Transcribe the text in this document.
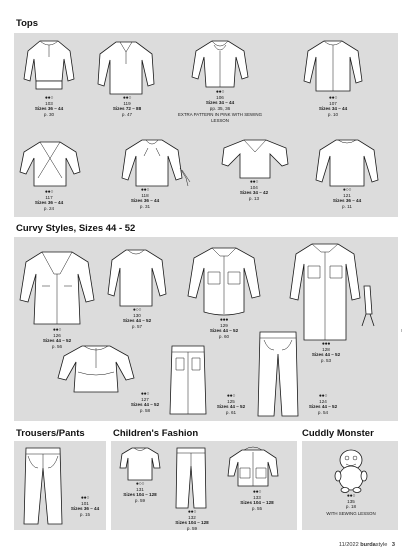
Tops
Curvy Styles, Sizes 44 - 52
Trousers/Pants	Children's Fashion	Cuddly Monster
●●○
103
Sizes 36 – 44
p. 30
●●○
119
Sizes 72 – 88
p. 47
●●○
106
Sizes 34 – 44
pp. 35, 36
EXTRA PATTERN IN PINK WITH SEWING LESSON
●●○
107
Sizes 34 – 44
p. 10
●●○
117
Sizes 36 – 44
p. 24
●●○
118
Sizes 36 – 44
p. 31
●●○
104
Sizes 34 – 42
p. 13
●○○
121
Sizes 36 – 44
p. 11
●●○
126
Sizes 44 – 52
p. 56
●○○
130
Sizes 44 – 52
p. 57
●●●
129
Sizes 44 – 52
p. 60
●●●
128
Sizes 44 – 52
p. 53
●●○
127
Sizes 44 – 52
p. 58
●●○
125
Sizes 44 – 52
p. 61
●●○
124
Sizes 44 – 52
p. 54
●●○
101
Sizes 36 – 44
p. 15
●○○
131
Sizes 104 – 128
p. 59
●●○
132
Sizes 104 – 128
p. 59
●●○
133
Sizes 104 – 128
p. 55
●●○
135
p. 18
WITH SEWING LESSON
ı
11/2022 burdastyle 3
